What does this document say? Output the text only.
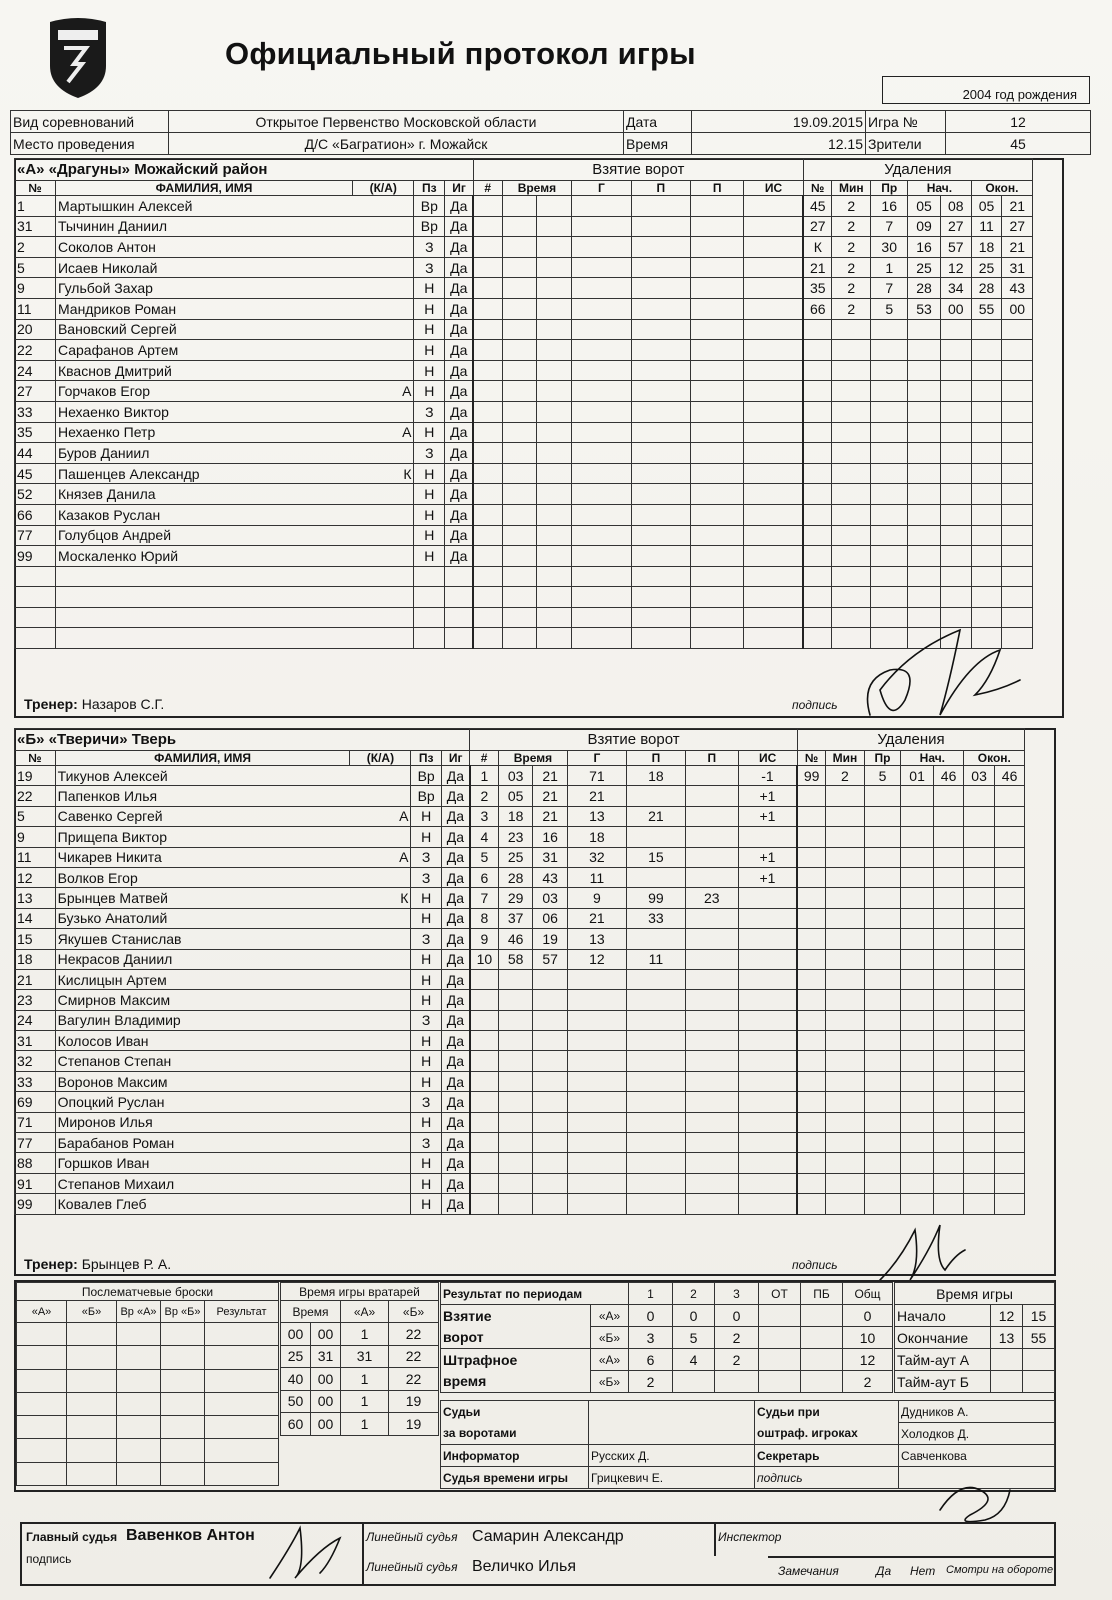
Официальный протокол игры
2004 год рождения
Вид соревнований	Открытое Первенство Московской области	Дата	19.09.2015	Игра №	12
Место проведения	Д/С «Багратион» г. Можайск	Время	12.15	Зрители	45
«А» «Драгуны» Можайский район					Взятие ворот							Удаления						
№	ФАМИЛИЯ, ИМЯ	(К/А)	Пз	Иг	#	Время		Г	П	П	ИС	№	Мин	Пр	Нач.		Окон.	
1	Мартышкин Алексей		Вр	Да								45	2	16	05	08	05	21
31	Тычинин Даниил		Вр	Да								27	2	7	09	27	11	27
2	Соколов Антон		З	Да								К	2	30	16	57	18	21
5	Исаев Николай		З	Да								21	2	1	25	12	25	31
9	Гульбой Захар		Н	Да								35	2	7	28	34	28	43
11	Мандриков Роман		Н	Да								66	2	5	53	00	55	00
20	Вановский Сергей		Н	Да														
22	Сарафанов Артем		Н	Да														
24	Кваснов Дмитрий		Н	Да														
27	Горчаков Егор	А	Н	Да														
33	Нехаенко Виктор		З	Да														
35	Нехаенко Петр	А	Н	Да														
44	Буров Даниил		З	Да														
45	Пашенцев Александр	К	Н	Да														
52	Князев Данила		Н	Да														
66	Казаков Руслан		Н	Да														
77	Голубцов Андрей		Н	Да														
99	Москаленко Юрий		Н	Да														

Тренер: Назаров С.Г.	подпись
«Б» «Тверичи» Тверь					Взятие ворот							Удаления						
№	ФАМИЛИЯ, ИМЯ	(К/А)	Пз	Иг	#	Время		Г	П	П	ИС	№	Мин	Пр	Нач.		Окон.	
19	Тикунов Алексей		Вр	Да	1	03	21	71	18		-1	99	2	5	01	46	03	46
22	Папенков Илья		Вр	Да	2	05	21	21			+1							
5	Савенко Сергей	А	Н	Да	3	18	21	13	21		+1							
9	Прищепа Виктор		Н	Да	4	23	16	18										
11	Чикарев Никита	А	З	Да	5	25	31	32	15		+1							
12	Волков Егор		З	Да	6	28	43	11			+1							
13	Брынцев Матвей	К	Н	Да	7	29	03	9	99	23								
14	Бузько Анатолий		Н	Да	8	37	06	21	33									
15	Якушев Станислав		З	Да	9	46	19	13										
18	Некрасов Даниил		Н	Да	10	58	57	12	11									
21	Кислицын Артем		Н	Да														
23	Смирнов Максим		Н	Да														
24	Вагулин Владимир		З	Да														
31	Колосов Иван		Н	Да														
32	Степанов Степан		Н	Да														
33	Воронов Максим		Н	Да														
69	Опоцкий Руслан		З	Да														
71	Миронов Илья		Н	Да														
77	Барабанов Роман		З	Да														
88	Горшков Иван		Н	Да														
91	Степанов Михаил		Н	Да														
99	Ковалев Глеб		Н	Да														
Тренер: Брынцев Р. А.	подпись
Послематчевые броски				
«А»	«Б»	Вр «А»	Вр «Б»	Результат

Время игры вратарей			
Время		«А»	«Б»
00	00	1	22
25	31	31	22
40	00	1	22
50	00	1	19
60	00	1	19
Результат по периодам		1	2	3	ОТ	ПБ	Общ
Взятие	«А»	0	0	0			0
ворот	«Б»	3	5	2			10
Штрафное	«А»	6	4	2			12
время	«Б»	2					2
Время игры		
Начало	12	15
Окончание	13	55
Тайм-аут А		
Тайм-аут Б		
Судьи		Судьи при	Дудников А.
за воротами		оштраф. игроках	Холодков Д.
Информатор	Русских Д.	Секретарь	Савченкова
Судья времени игры	Грицкевич Е.	подпись	
Главный судья Вавенков Антон
подпись
Линейный судья Самарин Александр
Линейный судья Величко Илья
Инспектор
Замечания	Да Нет Смотри на обороте
